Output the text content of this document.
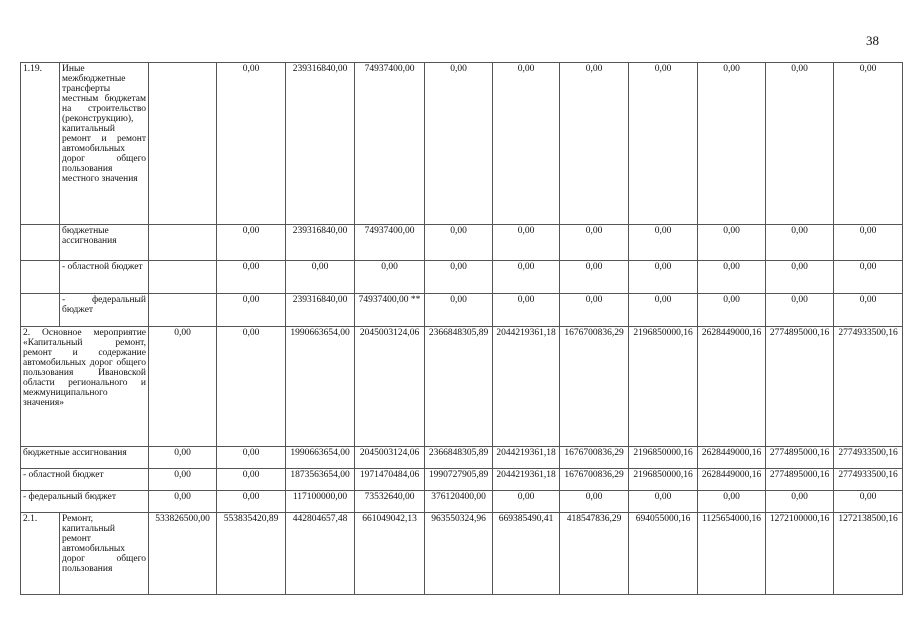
38
1.19.	Иные межбюджетные трансферты местным бюджетам на строительство (реконструкцию), капитальный ремонт и ремонт автомобильных дорог общего пользования местного значения		0,00	239316840,00	74937400,00	0,00	0,00	0,00	0,00	0,00	0,00	0,00
	бюджетные ассигнования		0,00	239316840,00	74937400,00	0,00	0,00	0,00	0,00	0,00	0,00	0,00
	- областной бюджет		0,00	0,00	0,00	0,00	0,00	0,00	0,00	0,00	0,00	0,00
	- федеральный бюджет		0,00	239316840,00	74937400,00 **	0,00	0,00	0,00	0,00	0,00	0,00	0,00
2. Основное мероприятие «Капитальный ремонт, ремонт и содержание автомобильных дорог общего пользования Ивановской области регионального и межмуниципального значения»		0,00	0,00	1990663654,00	2045003124,06	2366848305,89	2044219361,18	1676700836,29	2196850000,16	2628449000,16	2774895000,16	2774933500,16
бюджетные ассигнования		0,00	0,00	1990663654,00	2045003124,06	2366848305,89	2044219361,18	1676700836,29	2196850000,16	2628449000,16	2774895000,16	2774933500,16
- областной бюджет		0,00	0,00	1873563654,00	1971470484,06	1990727905,89	2044219361,18	1676700836,29	2196850000,16	2628449000,16	2774895000,16	2774933500,16
- федеральный бюджет		0,00	0,00	117100000,00	73532640,00	376120400,00	0,00	0,00	0,00	0,00	0,00	0,00
2.1.	Ремонт, капитальный ремонт автомобильных дорог общего пользования	533826500,00	553835420,89	442804657,48	661049042,13	963550324,96	669385490,41	418547836,29	694055000,16	1125654000,16	1272100000,16	1272138500,16
